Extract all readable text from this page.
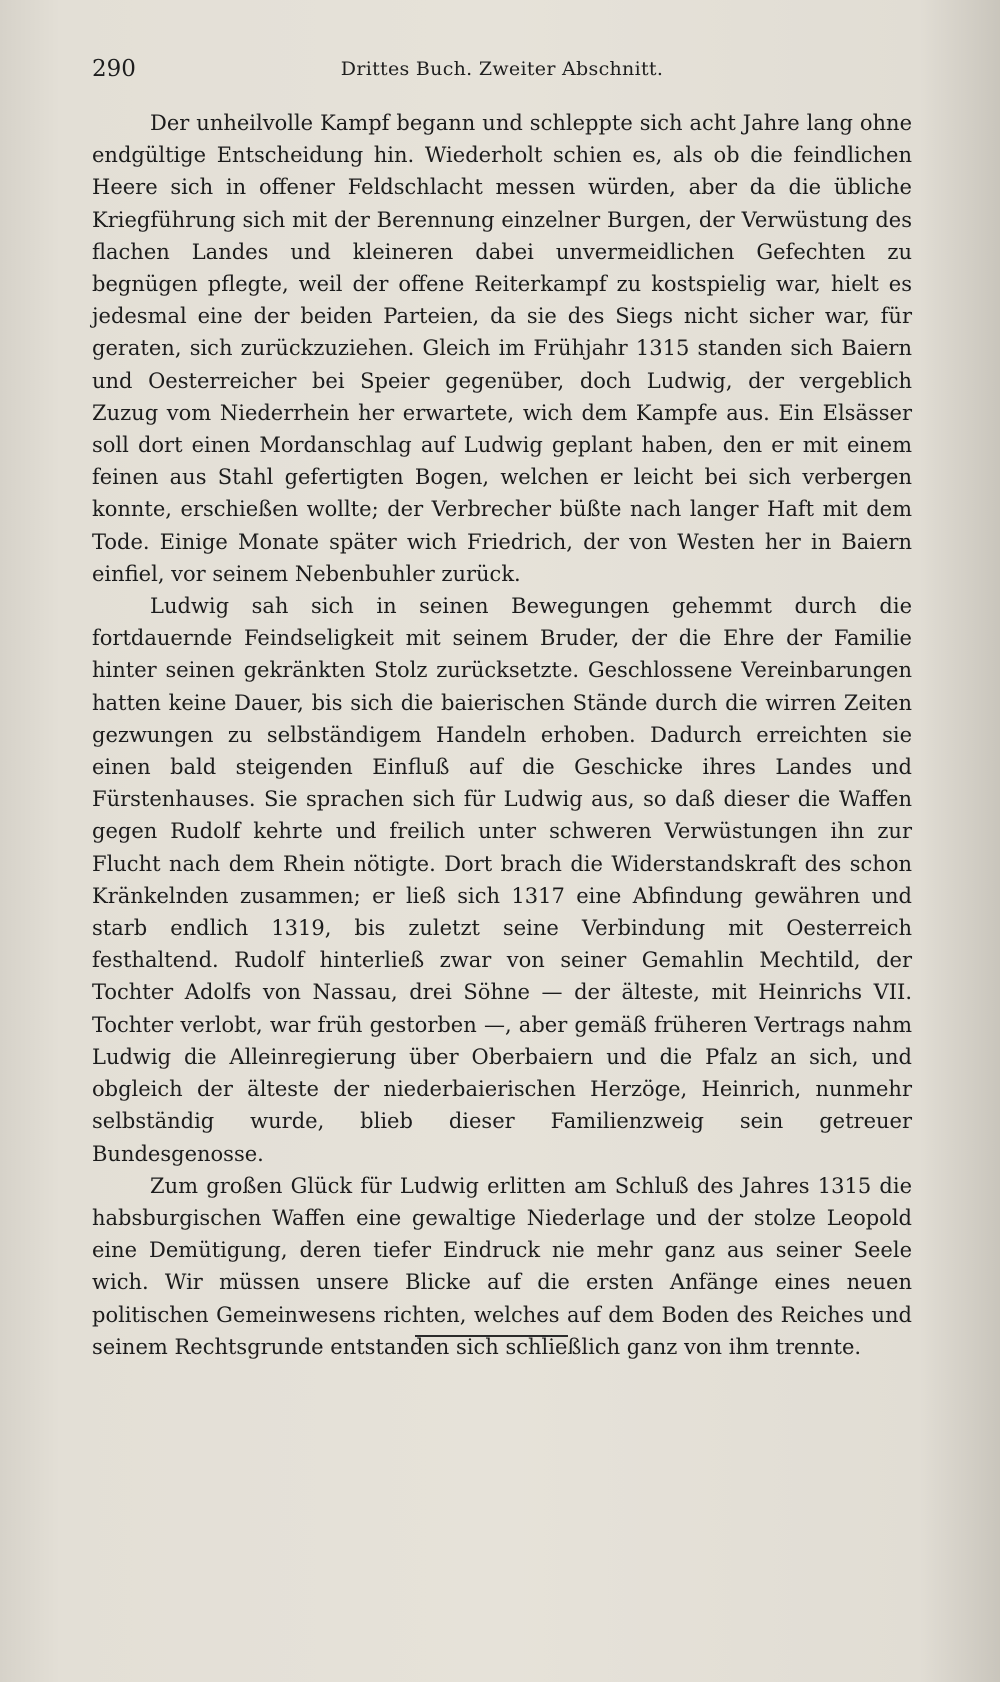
290	Drittes Buch. Zweiter Abschnitt.

Der unheilvolle Kampf begann und schleppte sich acht Jahre lang ohne endgültige Entscheidung hin. Wiederholt schien es, als ob die feindlichen Heere sich in offener Feldschlacht messen würden, aber da die übliche Kriegführung sich mit der Berennung einzelner Burgen, der Verwüstung des flachen Landes und kleineren dabei unvermeidlichen Gefechten zu begnügen pflegte, weil der offene Reiterkampf zu kostspielig war, hielt es jedesmal eine der beiden Parteien, da sie des Siegs nicht sicher war, für geraten, sich zurückzuziehen. Gleich im Frühjahr 1315 standen sich Baiern und Oesterreicher bei Speier gegenüber, doch Ludwig, der vergeblich Zuzug vom Niederrhein her erwartete, wich dem Kampfe aus. Ein Elsässer soll dort einen Mordanschlag auf Ludwig geplant haben, den er mit einem feinen aus Stahl gefertigten Bogen, welchen er leicht bei sich verbergen konnte, erschießen wollte; der Verbrecher büßte nach langer Haft mit dem Tode. Einige Monate später wich Friedrich, der von Westen her in Baiern einfiel, vor seinem Nebenbuhler zurück.

Ludwig sah sich in seinen Bewegungen gehemmt durch die fortdauernde Feindseligkeit mit seinem Bruder, der die Ehre der Familie hinter seinen gekränkten Stolz zurücksetzte. Geschlossene Vereinbarungen hatten keine Dauer, bis sich die baierischen Stände durch die wirren Zeiten gezwungen zu selbständigem Handeln erhoben. Dadurch erreichten sie einen bald steigenden Einfluß auf die Geschicke ihres Landes und Fürstenhauses. Sie sprachen sich für Ludwig aus, so daß dieser die Waffen gegen Rudolf kehrte und freilich unter schweren Verwüstungen ihn zur Flucht nach dem Rhein nötigte. Dort brach die Widerstandskraft des schon Kränkelnden zusammen; er ließ sich 1317 eine Abfindung gewähren und starb endlich 1319, bis zuletzt seine Verbindung mit Oesterreich festhaltend. Rudolf hinterließ zwar von seiner Gemahlin Mechtild, der Tochter Adolfs von Nassau, drei Söhne — der älteste, mit Heinrichs VII. Tochter verlobt, war früh gestorben —, aber gemäß früheren Vertrags nahm Ludwig die Alleinregierung über Oberbaiern und die Pfalz an sich, und obgleich der älteste der niederbaierischen Herzöge, Heinrich, nunmehr selbständig wurde, blieb dieser Familienzweig sein getreuer Bundesgenosse.

Zum großen Glück für Ludwig erlitten am Schluß des Jahres 1315 die habsburgischen Waffen eine gewaltige Niederlage und der stolze Leopold eine Demütigung, deren tiefer Eindruck nie mehr ganz aus seiner Seele wich. Wir müssen unsere Blicke auf die ersten Anfänge eines neuen politischen Gemeinwesens richten, welches auf dem Boden des Reiches und seinem Rechtsgrunde entstanden sich schließlich ganz von ihm trennte.
